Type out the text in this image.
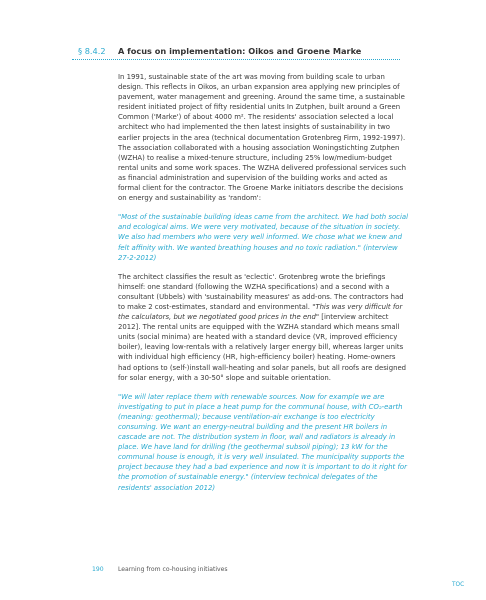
§ 8.4.2 A focus on implementation: Oikos and Groene Marke

In 1991, sustainable state of the art was moving from building scale to urban design. This reflects in Oikos, an urban expansion area applying new principles of pavement, water management and greening. Around the same time, a sustainable resident initiated project of fifty residential units In Zutphen, built around a Green Common ('Marke') of about 4000 m². The residents' association selected a local architect who had implemented the then latest insights of sustainability in two earlier projects in the area (technical documentation Grotenbreg Firm, 1992-1997). The association collaborated with a housing association Woningstichting Zutphen (WZHA) to realise a mixed-tenure structure, including 25% low/medium-budget rental units and some work spaces. The WZHA delivered professional services such as financial administration and supervision of the building works and acted as formal client for the contractor. The Groene Marke initiators describe the decisions on energy and sustainability as 'random':

"Most of the sustainable building ideas came from the architect. We had both social and ecological aims. We were very motivated, because of the situation in society. We also had members who were very well informed. We chose what we knew and felt affinity with. We wanted breathing houses and no toxic radiation." (interview 27-2-2012)

The architect classifies the result as 'eclectic'. Grotenbreg wrote the briefings himself: one standard (following the WZHA specifications) and a second with a consultant (Ubbels) with 'sustainability measures' as add-ons. The contractors had to make 2 cost-estimates, standard and environmental. "This was very difficult for the calculators, but we negotiated good prices in the end" [interview architect 2012]. The rental units are equipped with the WZHA standard which means small units (social minima) are heated with a standard device (VR, improved efficiency boiler), leaving low-rentals with a relatively larger energy bill, whereas larger units with individual high efficiency (HR, high-efficiency boiler) heating. Home-owners had options to (self-)install wall-heating and solar panels, but all roofs are designed for solar energy, with a 30-50° slope and suitable orientation.

"We will later replace them with renewable sources. Now for example we are investigating to put in place a heat pump for the communal house, with CO₂-earth (meaning: geothermal); because ventilation-air exchange is too electricity consuming. We want an energy-neutral building and the present HR boilers in cascade are not. The distribution system in floor, wall and radiators is already in place. We have land for drilling (the geothermal subsoil piping); 13 kW for the communal house is enough, it is very well insulated. The municipality supports the project because they had a bad experience and now it is important to do it right for the promotion of sustainable energy." (interview technical delegates of the residents' association 2012)

190 Learning from co-housing initiatives
TOC
